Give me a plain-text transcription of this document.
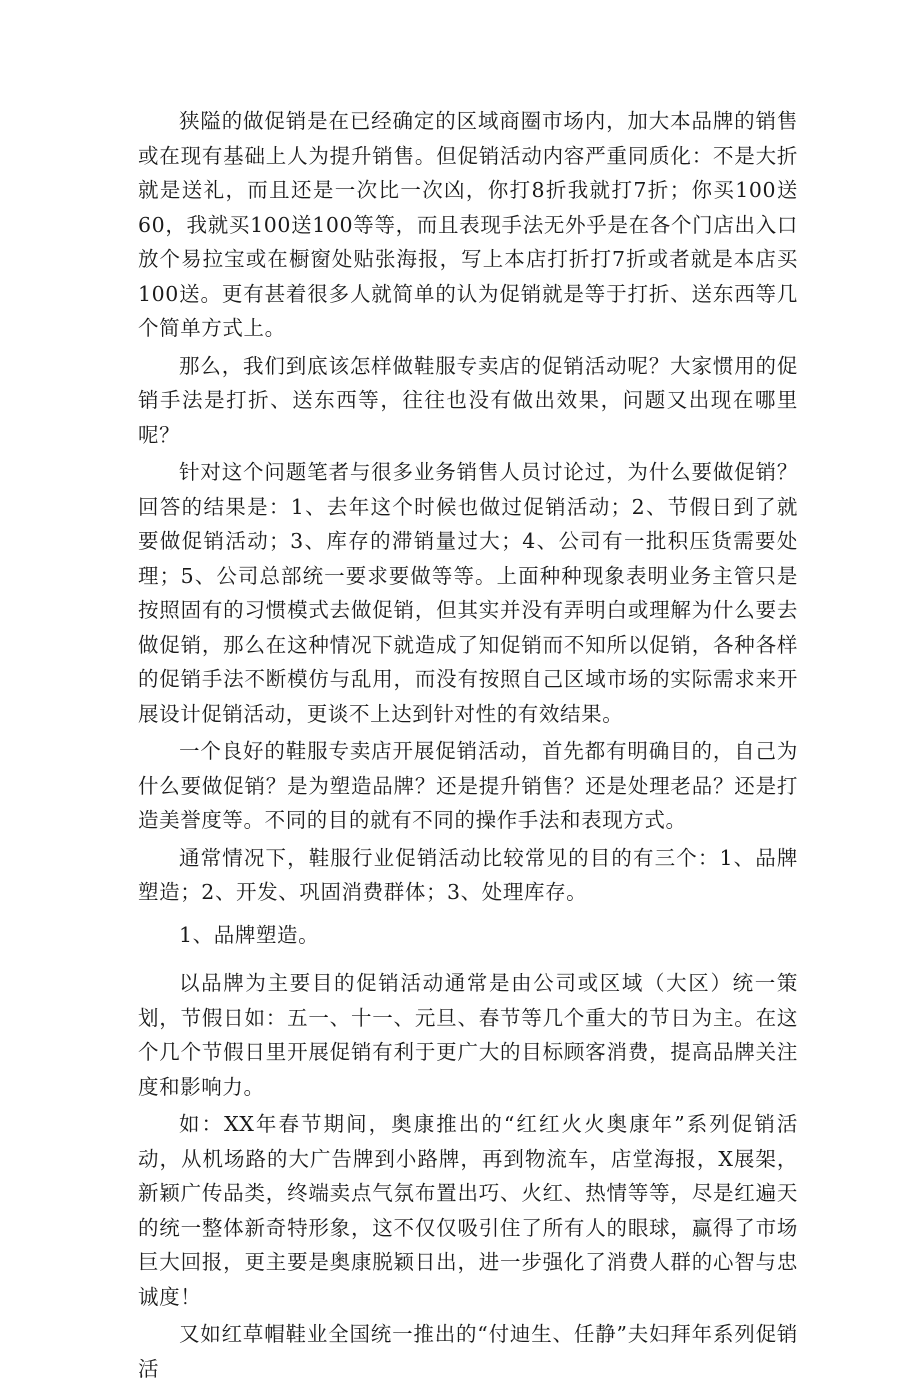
狭隘的做促销是在已经确定的区域商圈市场内，加大本品牌的销售或在现有基础上人为提升销售。但促销活动内容严重同质化：不是大折就是送礼，而且还是一次比一次凶，你打8折我就打7折；你买100送60，我就买100送100等等，而且表现手法无外乎是在各个门店出入口放个易拉宝或在橱窗处贴张海报，写上本店打折打7折或者就是本店买100送。更有甚着很多人就简单的认为促销就是等于打折、送东西等几个简单方式上。

那么，我们到底该怎样做鞋服专卖店的促销活动呢？大家惯用的促销手法是打折、送东西等，往往也没有做出效果，问题又出现在哪里呢？

针对这个问题笔者与很多业务销售人员讨论过，为什么要做促销？回答的结果是：1、去年这个时候也做过促销活动；2、节假日到了就要做促销活动；3、库存的滞销量过大；4、公司有一批积压货需要处理；5、公司总部统一要求要做等等。上面种种现象表明业务主管只是按照固有的习惯模式去做促销，但其实并没有弄明白或理解为什么要去做促销，那么在这种情况下就造成了知促销而不知所以促销，各种各样的促销手法不断模仿与乱用，而没有按照自己区域市场的实际需求来开展设计促销活动，更谈不上达到针对性的有效结果。

一个良好的鞋服专卖店开展促销活动，首先都有明确目的，自己为什么要做促销？是为塑造品牌？还是提升销售？还是处理老品？还是打造美誉度等。不同的目的就有不同的操作手法和表现方式。

通常情况下，鞋服行业促销活动比较常见的目的有三个：1、品牌塑造；2、开发、巩固消费群体；3、处理库存。

1、品牌塑造。

以品牌为主要目的促销活动通常是由公司或区域（大区）统一策划，节假日如：五一、十一、元旦、春节等几个重大的节日为主。在这个几个节假日里开展促销有利于更广大的目标顾客消费，提高品牌关注度和影响力。

如：XX年春节期间，奥康推出的“红红火火奥康年”系列促销活动，从机场路的大广告牌到小路牌，再到物流车，店堂海报，X展架，新颖广传品类，终端卖点气氛布置出巧、火红、热情等等，尽是红遍天的统一整体新奇特形象，这不仅仅吸引住了所有人的眼球，赢得了市场巨大回报，更主要是奥康脱颖日出，进一步强化了消费人群的心智与忠诚度！

又如红草帽鞋业全国统一推出的“付迪生、任静”夫妇拜年系列促销活
